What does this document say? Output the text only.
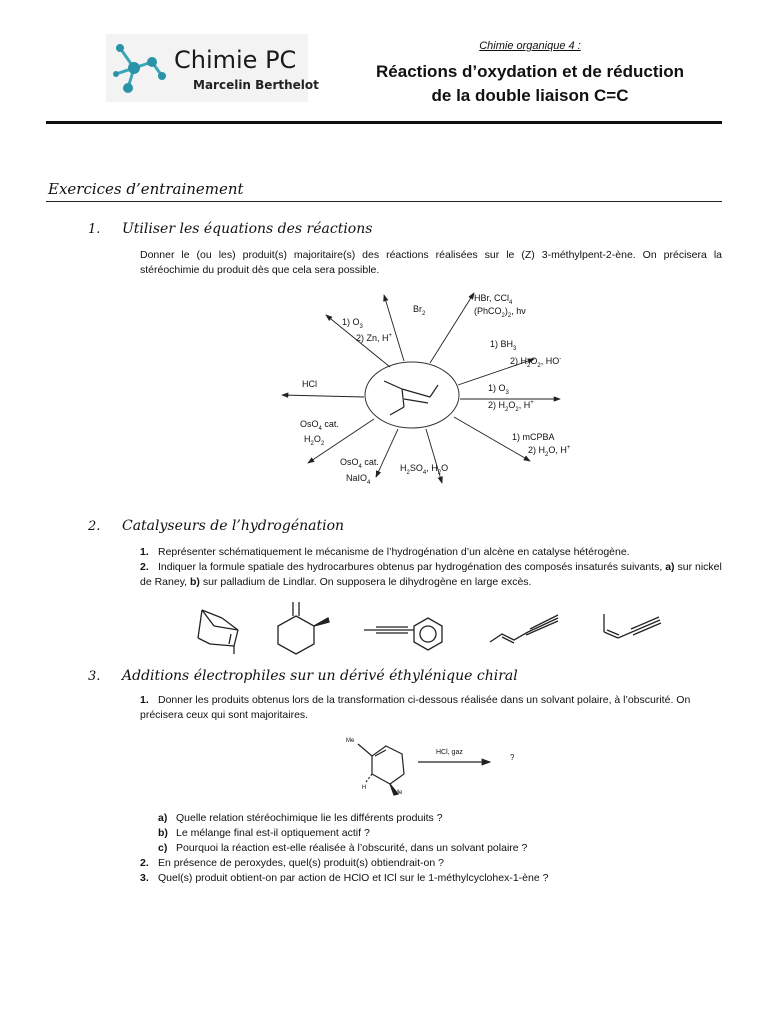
Chimie PC
Marcelin Berthelot
Chimie organique 4 :
Réactions d’oxydation et de réduction
de la double liaison C=C
Exercices d’entrainement
1. Utiliser les équations des réactions
Donner le (ou les) produit(s) majoritaire(s) des réactions réalisées sur le (Z) 3-méthylpent-2-ène. On précisera la stéréochimie du produit dès que cela sera possible.
1) $O_3$
2) Zn, H+
$Br_2$
HBr, CCl$_4$
$(PhCO_2)_2$, hν
1) $BH_3$
2) $H_2O_2$, HO-
HCl	1) $O_3$
2) $H_2O_2$, H+
OsO$_4$ cat.
$H_2O_2$
1) mCPBA
2) $H_2O$, H+
OsO$_4$ cat.
NaIO$_4$
$H_2SO_4$, $H_2O$
2. Catalyseurs de l’hydrogénation
1. Représenter schématiquement le mécanisme de l’hydrogénation d’un alcène en catalyse hétérogène.
2. Indiquer la formule spatiale des hydrocarbures obtenus par hydrogénation des composés insaturés suivants, a) sur nickel de Raney, b) sur palladium de Lindlar. On supposera le dihydrogène en large excès.
3. Additions électrophiles sur un dérivé éthylénique chiral
1. Donner les produits obtenus lors de la transformation ci-dessous réalisée dans un solvant polaire, à l’obscurité. On précisera ceux qui sont majoritaires.
Me
Me
H
HCl, gaz
?
a) Quelle relation stéréochimique lie les différents produits ?
b) Le mélange final est-il optiquement actif ?
c) Pourquoi la réaction est-elle réalisée à l’obscurité, dans un solvant polaire ?
2. En présence de peroxydes, quel(s) produit(s) obtiendrait-on ?
3. Quel(s) produit obtient-on par action de HClO et ICl sur le 1-méthylcyclohex-1-ène ?
